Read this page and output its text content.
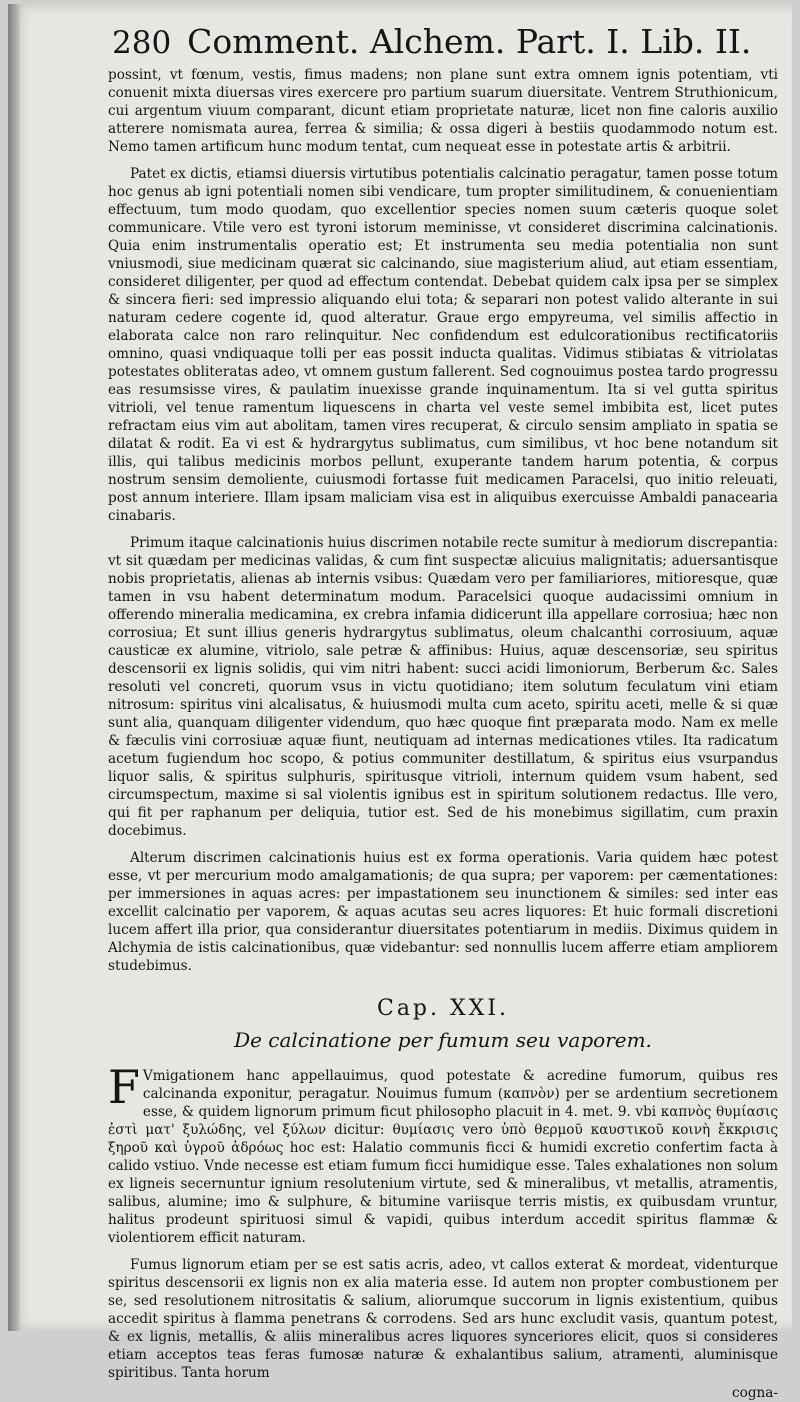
280 Comment. Alchem. Part. I. Lib. II.

possint, vt fœnum, vestis, fimus madens; non plane sunt extra omnem ignis potentiam, vti conuenit mixta diuersas vires exercere pro partium suarum diuersitate. Ventrem Struthionicum, cui argentum viuum comparant, dicunt etiam proprietate naturæ, licet non fine caloris auxilio atterere nomismata aurea, ferrea & similia; & ossa digeri à bestiis quodammodo notum est. Nemo tamen artificum hunc modum tentat, cum nequeat esse in potestate artis & arbitrii.

Patet ex dictis, etiamsi diuersis virtutibus potentialis calcinatio peragatur, tamen posse totum hoc genus ab igni potentiali nomen sibi vendicare, tum propter similitudinem, & conuenientiam effectuum, tum modo quodam, quo excellentior species nomen suum cæteris quoque solet communicare. Vtile vero est tyroni istorum meminisse, vt consideret discrimina calcinationis. Quia enim instrumentalis operatio est; Et instrumenta seu media potentialia non sunt vniusmodi, siue medicinam quærat sic calcinando, siue magisterium aliud, aut etiam essentiam, consideret diligenter, per quod ad effectum contendat. Debebat quidem calx ipsa per se simplex & sincera fieri: sed impressio aliquando elui tota; & separari non potest valido alterante in sui naturam cedere cogente id, quod alteratur. Graue ergo empyreuma, vel similis affectio in elaborata calce non raro relinquitur. Nec confidendum est edulcorationibus rectificatoriis omnino, quasi vndiquaque tolli per eas possit inducta qualitas. Vidimus stibiatas & vitriolatas potestates obliteratas adeo, vt omnem gustum fallerent. Sed cognouimus postea tardo progressu eas resumsisse vires, & paulatim inuexisse grande inquinamentum. Ita si vel gutta spiritus vitrioli, vel tenue ramentum liquescens in charta vel veste semel imbibita est, licet putes refractam eius vim aut abolitam, tamen vires recuperat, & circulo sensim ampliato in spatia se dilatat & rodit. Ea vi est & hydrargytus sublimatus, cum similibus, vt hoc bene notandum sit illis, qui talibus medicinis morbos pellunt, exuperante tandem harum potentia, & corpus nostrum sensim demoliente, cuiusmodi fortasse fuit medicamen Paracelsi, quo initio releuati, post annum interiere. Illam ipsam maliciam visa est in aliquibus exercuisse Ambaldi panacearia cinabaris.

Primum itaque calcinationis huius discrimen notabile recte sumitur à mediorum discrepantia: vt sit quædam per medicinas validas, & cum fint suspectæ alicuius malignitatis; aduersantisque nobis proprietatis, alienas ab internis vsibus: Quædam vero per familiariores, mitioresque, quæ tamen in vsu habent determinatum modum. Paracelsici quoque audacissimi omnium in offerendo mineralia medicamina, ex crebra infamia didicerunt illa appellare corrosiua; hæc non corrosiua; Et sunt illius generis hydrargytus sublimatus, oleum chalcanthi corrosiuum, aquæ causticæ ex alumine, vitriolo, sale petræ & affinibus: Huius, aquæ descensoriæ, seu spiritus descensorii ex lignis solidis, qui vim nitri habent: succi acidi limoniorum, Berberum &c. Sales resoluti vel concreti, quorum vsus in victu quotidiano; item solutum feculatum vini etiam nitrosum: spiritus vini alcalisatus, & huiusmodi multa cum aceto, spiritu aceti, melle & si quæ sunt alia, quanquam diligenter videndum, quo hæc quoque fint præparata modo. Nam ex melle & fæculis vini corrosiuæ aquæ fiunt, neutiquam ad internas medicationes vtiles. Ita radicatum acetum fugiendum hoc scopo, & potius communiter destillatum, & spiritus eius vsurpandus liquor salis, & spiritus sulphuris, spiritusque vitrioli, internum quidem vsum habent, sed circumspectum, maxime si sal violentis ignibus est in spiritum solutionem redactus. Ille vero, qui fit per raphanum per deliquia, tutior est. Sed de his monebimus sigillatim, cum praxin docebimus.

Alterum discrimen calcinationis huius est ex forma operationis. Varia quidem hæc potest esse, vt per mercurium modo amalgamationis; de qua supra; per vaporem: per cæmentationes: per immersiones in aquas acres: per impastationem seu inunctionem & similes: sed inter eas excellit calcinatio per vaporem, & aquas acutas seu acres liquores: Et huic formali discretioni lucem affert illa prior, qua considerantur diuersitates potentiarum in mediis. Diximus quidem in Alchymia de istis calcinationibus, quæ videbantur: sed nonnullis lucem afferre etiam ampliorem studebimus.

Cap. XXI.
De calcinatione per fumum seu vaporem.

F Vmigationem hanc appellauimus, quod potestate & acredine fumorum, quibus res calcinanda exponitur, peragatur. Nouimus fumum (καπνὸν) per se ardentium secretionem esse, & quidem lignorum primum ficut philosopho placuit in 4. met. 9. vbi καπνὸς θυμίασις ἐστὶ ματ' ξυλώδης, vel ξύλων dicitur: θυμίασις vero ὑπὸ θερμοῦ καυστικοῦ κοινὴ ἔκκρισις ξηροῦ καὶ ὑγροῦ ἁδρόως hoc est: Halatio communis ficci & humidi excretio confertim facta à calido vstiuo. Vnde necesse est etiam fumum ficci humidique esse. Tales exhalationes non solum ex ligneis secernuntur ignium resolutenium virtute, sed & mineralibus, vt metallis, atramentis, salibus, alumine; imo & sulphure, & bitumine variisque terris mistis, ex quibusdam vruntur, halitus prodeunt spirituosi simul & vapidi, quibus interdum accedit spiritus flammæ & violentiorem efficit naturam.

Fumus lignorum etiam per se est satis acris, adeo, vt callos exterat & mordeat, videnturque spiritus descensorii ex lignis non ex alia materia esse. Id autem non propter combustionem per se, sed resolutionem nitrositatis & salium, aliorumque succorum in lignis existentium, quibus accedit spiritus à flamma penetrans & corrodens. Sed ars hunc excludit vasis, quantum potest, & ex lignis, metallis, & aliis mineralibus acres liquores synceriores elicit, quos si consideres etiam acceptos teas feras fumosæ naturæ & exhalantibus salium, atramenti, aluminisque spiritibus. Tanta horum

cogna-
